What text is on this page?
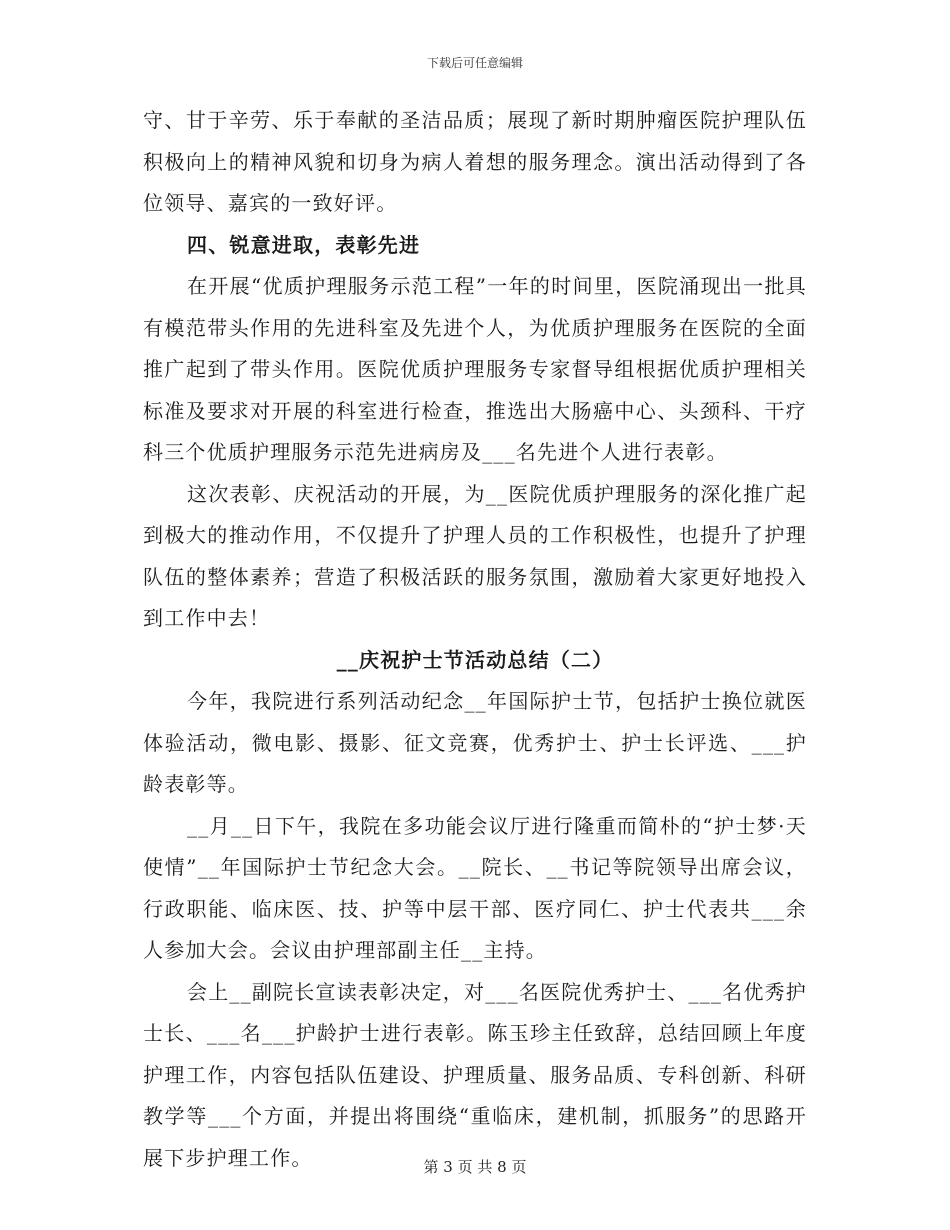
下载后可任意编辑

守、甘于辛劳、乐于奉献的圣洁品质；展现了新时期肿瘤医院护理队伍积极向上的精神风貌和切身为病人着想的服务理念。演出活动得到了各位领导、嘉宾的一致好评。

四、锐意进取，表彰先进

在开展“优质护理服务示范工程”一年的时间里，医院涌现出一批具有模范带头作用的先进科室及先进个人，为优质护理服务在医院的全面推广起到了带头作用。医院优质护理服务专家督导组根据优质护理相关标准及要求对开展的科室进行检查，推选出大肠癌中心、头颈科、干疗科三个优质护理服务示范先进病房及___名先进个人进行表彰。

这次表彰、庆祝活动的开展，为__医院优质护理服务的深化推广起到极大的推动作用，不仅提升了护理人员的工作积极性，也提升了护理队伍的整体素养；营造了积极活跃的服务氛围，激励着大家更好地投入到工作中去！

__庆祝护士节活动总结（二）

今年，我院进行系列活动纪念__年国际护士节，包括护士换位就医体验活动，微电影、摄影、征文竞赛，优秀护士、护士长评选、___护龄表彰等。

__月__日下午，我院在多功能会议厅进行隆重而简朴的“护士梦·天使情”__年国际护士节纪念大会。__院长、__书记等院领导出席会议，行政职能、临床医、技、护等中层干部、医疗同仁、护士代表共___余人参加大会。会议由护理部副主任__主持。

会上__副院长宣读表彰决定，对___名医院优秀护士、___名优秀护士长、___名___护龄护士进行表彰。陈玉珍主任致辞，总结回顾上年度护理工作，内容包括队伍建设、护理质量、服务品质、专科创新、科研教学等___个方面，并提出将围绕“重临床，建机制，抓服务”的思路开展下步护理工作。	第 3 页 共 8 页
